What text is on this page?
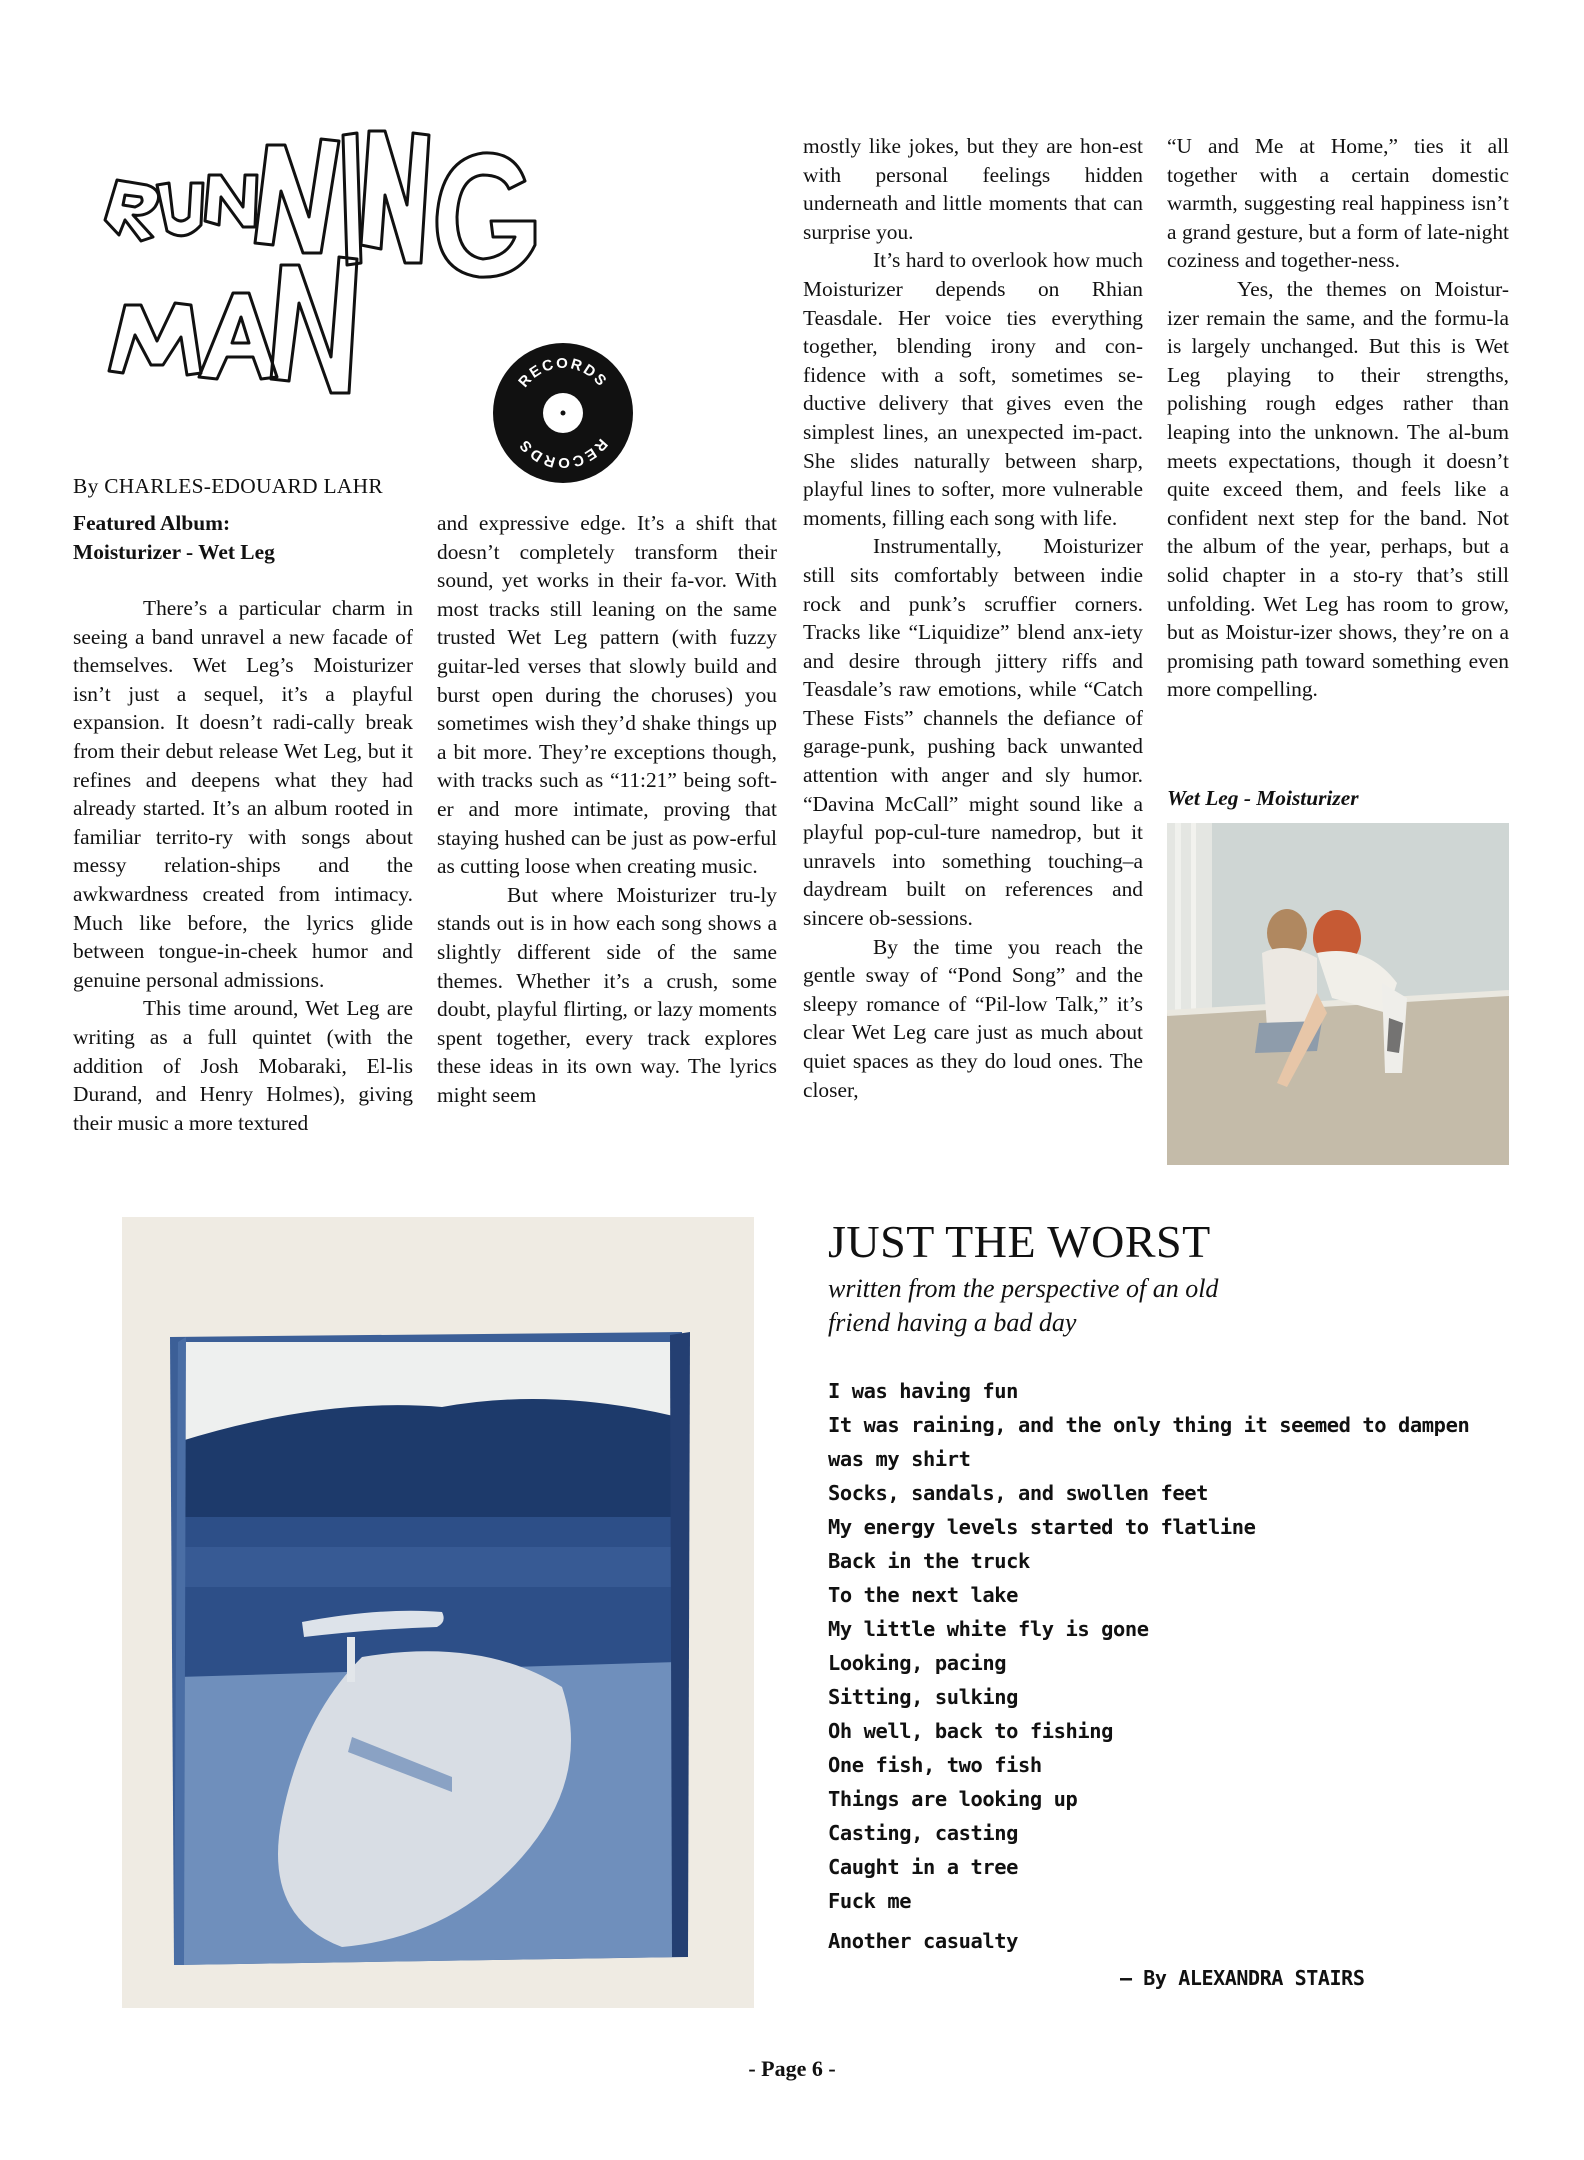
RECORDS
RECORDS
By CHARLES-EDOUARD LAHR
Featured Album:
Moisturizer - Wet Leg

There’s a particular charm in seeing a band unravel a new facade of themselves. Wet Leg’s Moisturizer isn’t just a sequel, it’s a playful expansion. It doesn’t radi-cally break from their debut release Wet Leg, but it refines and deepens what they had already started. It’s an album rooted in familiar territo-ry with songs about messy relation-ships and the awkwardness created from intimacy. Much like before, the lyrics glide between tongue-in-cheek humor and genuine personal admissions.

This time around, Wet Leg are writing as a full quintet (with the addition of Josh Mobaraki, El-lis Durand, and Henry Holmes), giving their music a more textured

and expressive edge. It’s a shift that doesn’t completely transform their sound, yet works in their fa-vor. With most tracks still leaning on the same trusted Wet Leg pattern (with fuzzy guitar-led verses that slowly build and burst open during the choruses) you sometimes wish they’d shake things up a bit more. They’re exceptions though, with tracks such as “11:21” being soft-er and more intimate, proving that staying hushed can be just as pow-erful as cutting loose when creating music.

But where Moisturizer tru-ly stands out is in how each song shows a slightly different side of the same themes. Whether it’s a crush, some doubt, playful flirting, or lazy moments spent together, every track explores these ideas in its own way. The lyrics might seem

mostly like jokes, but they are hon-est with personal feelings hidden underneath and little moments that can surprise you.

It’s hard to overlook how much Moisturizer depends on Rhian Teasdale. Her voice ties everything together, blending irony and con-fidence with a soft, sometimes se-ductive delivery that gives even the simplest lines, an unexpected im-pact. She slides naturally between sharp, playful lines to softer, more vulnerable moments, filling each song with life.

Instrumentally, Moisturizer still sits comfortably between indie rock and punk’s scruffier corners. Tracks like “Liquidize” blend anx-iety and desire through jittery riffs and Teasdale’s raw emotions, while “Catch These Fists” channels the defiance of garage-punk, pushing back unwanted attention with anger and sly humor. “Davina McCall” might sound like a playful pop-cul-ture namedrop, but it unravels into something touching–a daydream built on references and sincere ob-sessions.

By the time you reach the gentle sway of “Pond Song” and the sleepy romance of “Pil-low Talk,” it’s clear Wet Leg care just as much about quiet spaces as they do loud ones. The closer,

“U and Me at Home,” ties it all together with a certain domestic warmth, suggesting real happiness isn’t a grand gesture, but a form of late-night coziness and together-ness.

Yes, the themes on Moistur-izer remain the same, and the formu-la is largely unchanged. But this is Wet Leg playing to their strengths, polishing rough edges rather than leaping into the unknown. The al-bum meets expectations, though it doesn’t quite exceed them, and feels like a confident next step for the band. Not the album of the year, perhaps, but a solid chapter in a sto-ry that’s still unfolding. Wet Leg has room to grow, but as Moistur-izer shows, they’re on a promising path toward something even more compelling.

Wet Leg - Moisturizer
JUST THE WORST
written from the perspective of an old
friend having a bad day
I was having fun
It was raining, and the only thing it seemed to dampen
was my shirt
Socks, sandals, and swollen feet
My energy levels started to flatline
Back in the truck
To the next lake
My little white fly is gone
Looking, pacing
Sitting, sulking
Oh well, back to fishing
One fish, two fish
Things are looking up
Casting, casting
Caught in a tree
Fuck me
Another casualty
– By ALEXANDRA STAIRS
- Page 6 -
